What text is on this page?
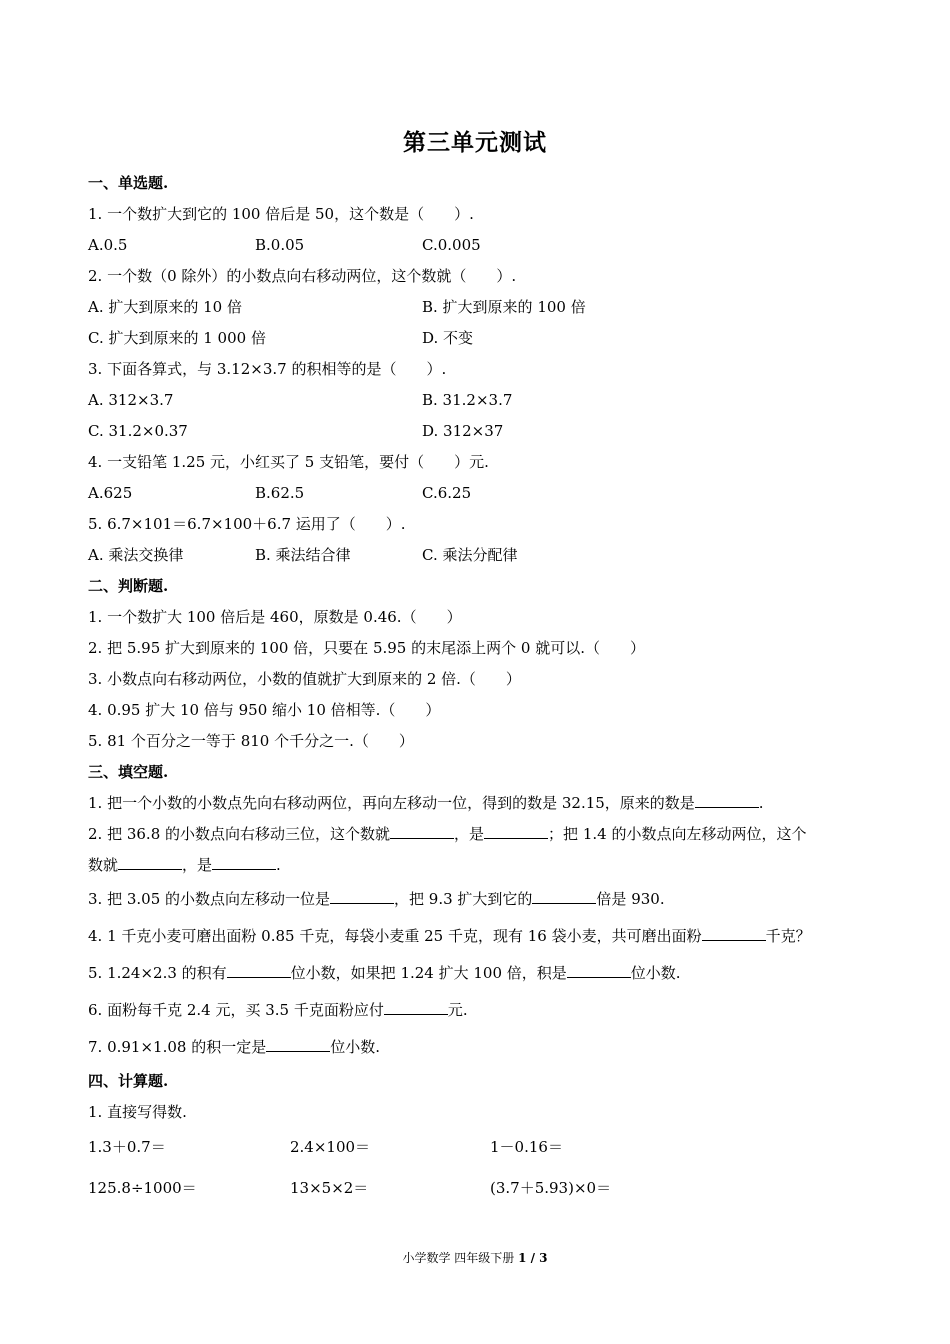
第三单元测试
一、单选题.
1. 一个数扩大到它的 100 倍后是 50，这个数是（　　）.
A.0.5	B.0.05	C.0.005
2. 一个数（0 除外）的小数点向右移动两位，这个数就（　　）.
A. 扩大到原来的 10 倍	B. 扩大到原来的 100 倍
C. 扩大到原来的 1 000 倍	D. 不变
3. 下面各算式，与 3.12×3.7 的积相等的是（　　）.
A. 312×3.7	B. 31.2×3.7
C. 31.2×0.37	D. 312×37
4. 一支铅笔 1.25 元，小红买了 5 支铅笔，要付（　　）元.
A.625	B.62.5	C.6.25
5. 6.7×101＝6.7×100＋6.7 运用了（　　）.
A. 乘法交换律	B. 乘法结合律	C. 乘法分配律
二、判断题.
1. 一个数扩大 100 倍后是 460，原数是 0.46.（　　）
2. 把 5.95 扩大到原来的 100 倍，只要在 5.95 的末尾添上两个 0 就可以.（　　）
3. 小数点向右移动两位，小数的值就扩大到原来的 2 倍.（　　）
4. 0.95 扩大 10 倍与 950 缩小 10 倍相等.（　　）
5. 81 个百分之一等于 810 个千分之一.（　　）
三、填空题.
1. 把一个小数的小数点先向右移动两位，再向左移动一位，得到的数是 32.15，原来的数是	.
2. 把 36.8 的小数点向右移动三位，这个数就	，是	；把 1.4 的小数点向左移动两位，这个
数就	，是	.
3. 把 3.05 的小数点向左移动一位是	，把 9.3 扩大到它的	倍是 930.
4. 1 千克小麦可磨出面粉 0.85 千克，每袋小麦重 25 千克，现有 16 袋小麦，共可磨出面粉	千克？
5. 1.24×2.3 的积有	位小数，如果把 1.24 扩大 100 倍，积是	位小数.
6. 面粉每千克 2.4 元，买 3.5 千克面粉应付	元.
7. 0.91×1.08 的积一定是	位小数.
四、计算题.
1. 直接写得数.
1.3＋0.7＝	2.4×100＝	1－0.16＝
125.8÷1000＝	13×5×2＝	(3.7＋5.93)×0＝
小学数学 四年级下册 1 / 3
